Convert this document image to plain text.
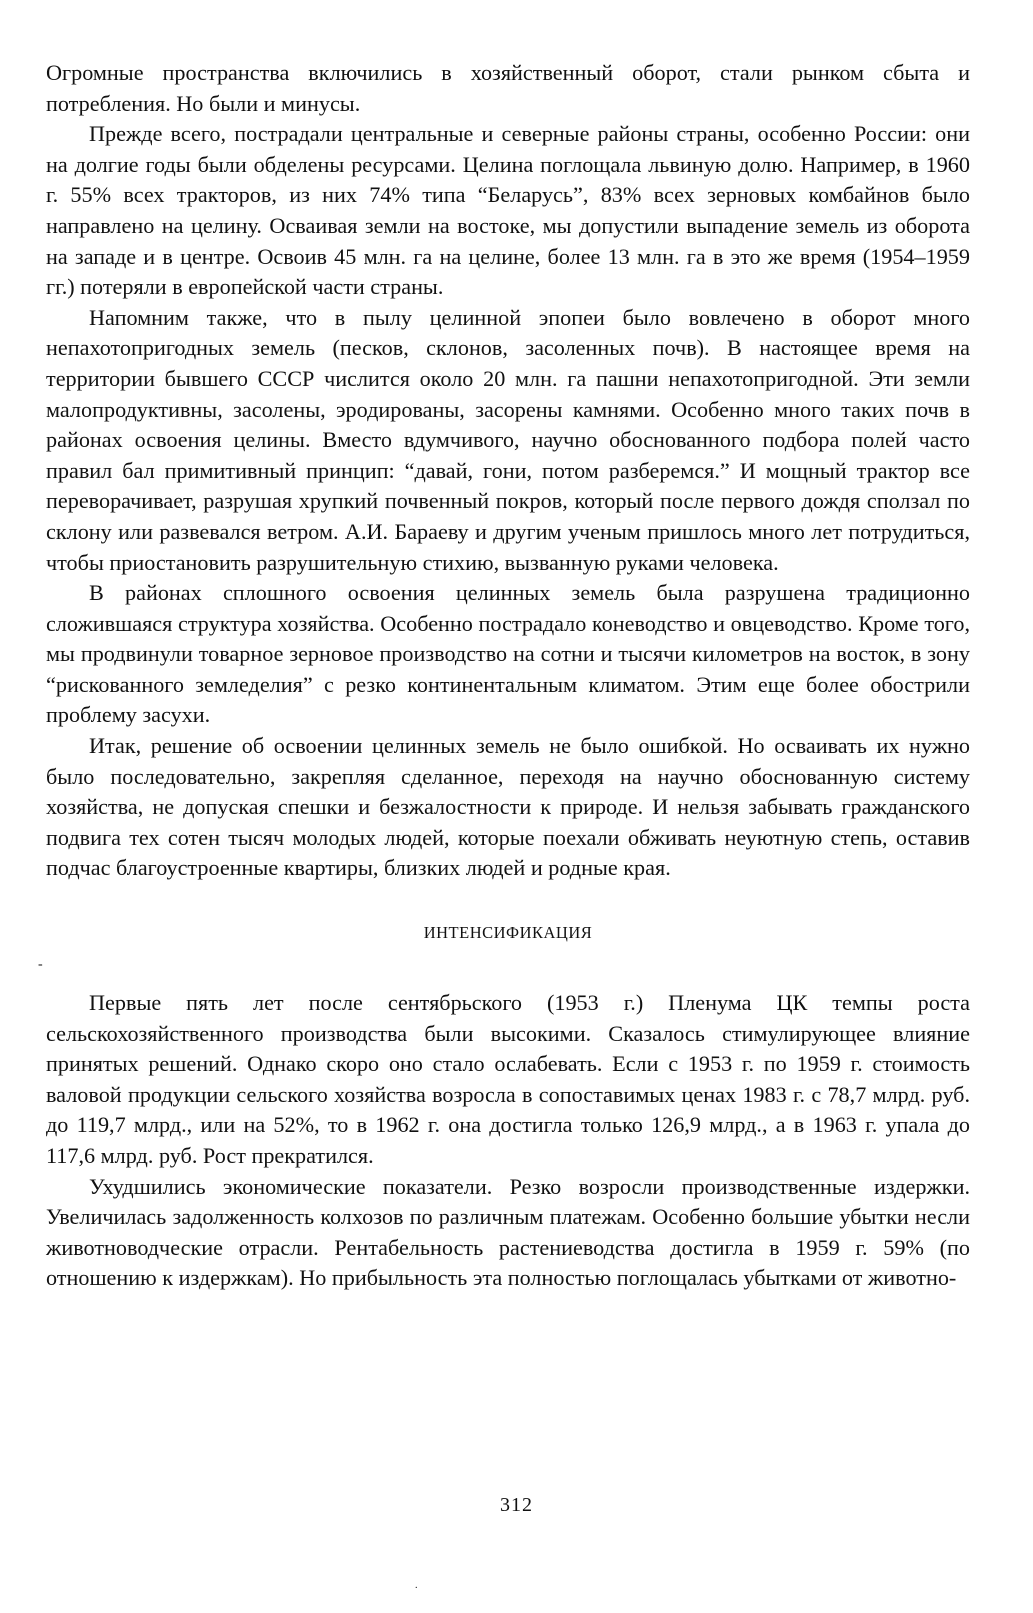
Огромные пространства включились в хозяйственный оборот, стали рынком сбыта и потребления. Но были и минусы.

Прежде всего, пострадали центральные и северные районы страны, особенно России: они на долгие годы были обделены ресурсами. Целина поглощала львиную долю. Например, в 1960 г. 55% всех тракторов, из них 74% типа “Беларусь”, 83% всех зерновых комбайнов было направлено на целину. Осваивая земли на востоке, мы допустили выпадение земель из оборота на западе и в центре. Освоив 45 млн. га на целине, более 13 млн. га в это же время (1954–1959 гг.) потеряли в европейской части страны.

Напомним также, что в пылу целинной эпопеи было вовлечено в оборот много непахотопригодных земель (песков, склонов, засоленных почв). В настоящее время на территории бывшего СССР числится около 20 млн. га пашни непахотопригодной. Эти земли малопродуктивны, засолены, эродированы, засорены камнями. Особенно много таких почв в районах освоения целины. Вместо вдумчивого, научно обоснованного подбора полей часто правил бал примитивный принцип: “давай, гони, потом разберемся.” И мощный трактор все переворачивает, разрушая хрупкий почвенный покров, который после первого дождя сползал по склону или развевался ветром. А.И. Бараеву и другим ученым пришлось много лет потрудиться, чтобы приостановить разрушительную стихию, вызванную руками человека.

В районах сплошного освоения целинных земель была разрушена традиционно сложившаяся структура хозяйства. Особенно пострадало коневодство и овцеводство. Кроме того, мы продвинули товарное зерновое производство на сотни и тысячи километров на восток, в зону “рискованного земледелия” с резко континентальным климатом. Этим еще более обострили проблему засухи.

Итак, решение об освоении целинных земель не было ошибкой. Но осваивать их нужно было последовательно, закрепляя сделанное, переходя на научно обоснованную систему хозяйства, не допуская спешки и безжалостности к природе. И нельзя забывать гражданского подвига тех сотен тысяч молодых людей, которые поехали обживать неуютную степь, оставив подчас благоустроенные квартиры, близких людей и родные края.

ИНТЕНСИФИКАЦИЯ
-

Первые пять лет после сентябрьского (1953 г.) Пленума ЦК темпы роста сельскохозяйственного производства были высокими. Сказалось стимулирующее влияние принятых решений. Однако скоро оно стало ослабевать. Если с 1953 г. по 1959 г. стоимость валовой продукции сельского хозяйства возросла в сопоставимых ценах 1983 г. с 78,7 млрд. руб. до 119,7 млрд., или на 52%, то в 1962 г. она достигла только 126,9 млрд., а в 1963 г. упала до 117,6 млрд. руб. Рост прекратился.

Ухудшились экономические показатели. Резко возросли производственные издержки. Увеличилась задолженность колхозов по различным платежам. Особенно большие убытки несли животноводческие отрасли. Рентабельность растениеводства достигла в 1959 г. 59% (по отношению к издержкам). Но прибыльность эта полностью поглощалась убытками от животно-

312
.
